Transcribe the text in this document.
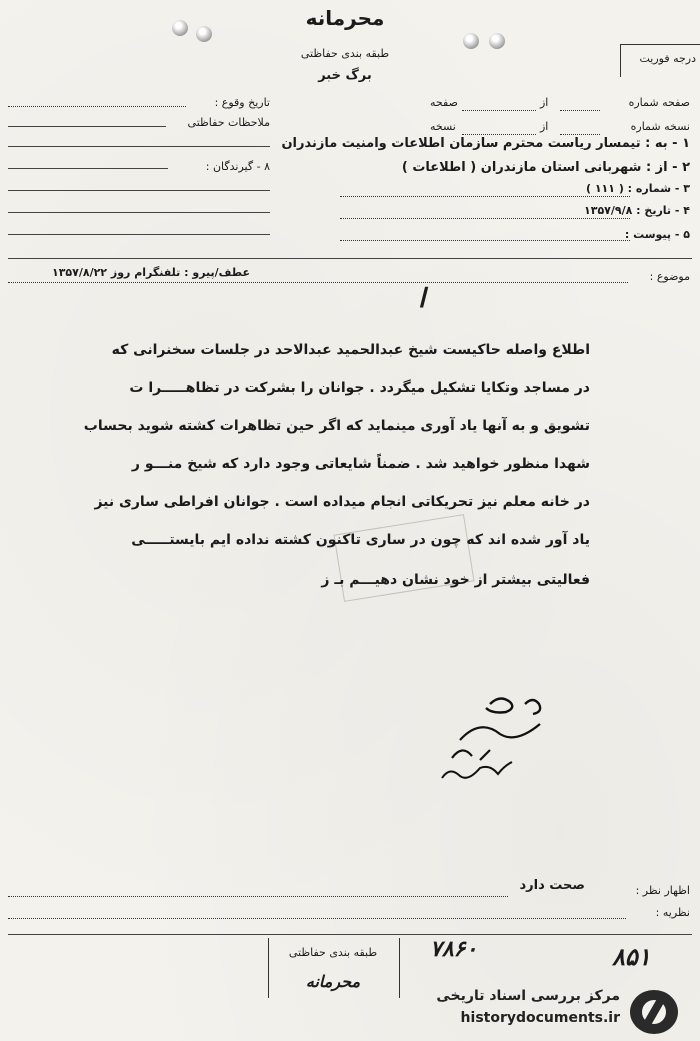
محرمانه
طبقه بندی حفاظتی
برگ خبر
درجه فوریت
صفحه شماره
از
صفحه
نسخه شماره
از
نسخه
تاریخ وقوع :
ملاحظات حفاظتی
۸ - گیرندگان :
۱ - به : تیمسار ریاست محترم سازمان اطلاعات وامنیت مازندران
۲ - از : شهربانی استان مازندران ( اطلاعات )
۳ - شماره : ( ۱۱۱ )
۴ - تاریخ : ۱۳۵۷/۹/۸
۵ - پیوست :
موضوع :
عطف/پیرو : تلفنگرام روز ۱۳۵۷/۸/۲۲
ا
اطلاع واصله حاکیست شیخ عبدالحمید عبدالاحد در جلسات سخنرانی که
در مساجد وتکایا تشکیل میگردد . جوانان را بشرکت در تظاهـــــرا ت
تشویق و به آنها یاد آوری مینماید که اگر حین تظاهرات کشته شوید بحساب
شهدا منظور خواهید شد . ضمناً شایعاتی وجود دارد که شیخ منـــو ر
در خانه معلم نیز تحریکاتی انجام میداده است . جوانان افراطی ساری نیز
یاد آور شده اند که چون در ساری تاکنون کشته نداده ایم بایستـــــی
فعالیتی بیشتر از خود نشان دهیـــم بـ ز
اظهار نظر :
صحت دارد
نظریه :
طبقه بندی حفاظتی
محرمانه
۷۸۶۰	۸۵۱
مرکز بررسی اسناد تاریخی
historydocuments.ir
